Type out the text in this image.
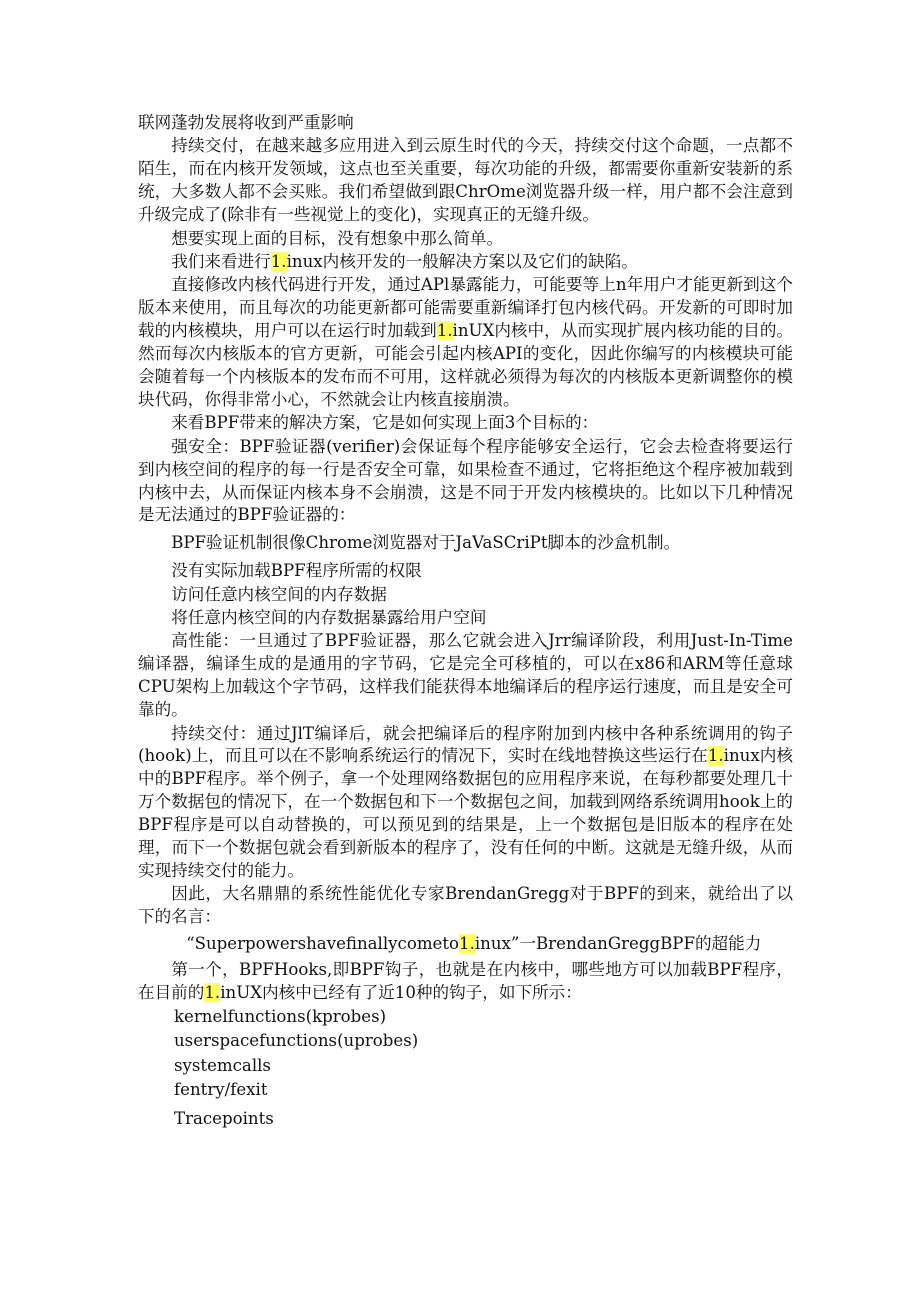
联网蓬勃发展将收到严重影响

持续交付，在越来越多应用进入到云原生时代的今天，持续交付这个命题，一点都不陌生，而在内核开发领域，这点也至关重要，每次功能的升级，都需要你重新安装新的系统，大多数人都不会买账。我们希望做到跟ChrOme浏览器升级一样，用户都不会注意到升级完成了(除非有一些视觉上的变化)，实现真正的无缝升级。

想要实现上面的目标，没有想象中那么简单。

我们来看进行1.inux内核开发的一般解决方案以及它们的缺陷。

直接修改内核代码进行开发，通过APl暴露能力，可能要等上n年用户才能更新到这个版本来使用，而且每次的功能更新都可能需要重新编译打包内核代码。开发新的可即时加载的内核模块，用户可以在运行时加载到1.inUX内核中，从而实现扩展内核功能的目的。然而每次内核版本的官方更新，可能会引起内核API的变化，因此你编写的内核模块可能会随着每一个内核版本的发布而不可用，这样就必须得为每次的内核版本更新调整你的模块代码，你得非常小心，不然就会让内核直接崩溃。

来看BPF带来的解决方案，它是如何实现上面3个目标的：

强安全：BPF验证器(verifier)会保证每个程序能够安全运行，它会去检查将要运行到内核空间的程序的每一行是否安全可靠，如果检查不通过，它将拒绝这个程序被加载到内核中去，从而保证内核本身不会崩溃，这是不同于开发内核模块的。比如以下几种情况是无法通过的BPF验证器的：

BPF验证机制很像Chrome浏览器对于JaVaSCriPt脚本的沙盒机制。

没有实际加载BPF程序所需的权限

访问任意内核空间的内存数据

将任意内核空间的内存数据暴露给用户空间

高性能：一旦通过了BPF验证器，那么它就会进入Jrr编译阶段，利用Just-In-Time编译器，编译生成的是通用的字节码，它是完全可移植的，可以在x86和ARM等任意球CPU架构上加载这个字节码，这样我们能获得本地编译后的程序运行速度，而且是安全可靠的。

持续交付：通过JlT编译后，就会把编译后的程序附加到内核中各种系统调用的钩子(hook)上，而且可以在不影响系统运行的情况下，实时在线地替换这些运行在1.inux内核中的BPF程序。举个例子，拿一个处理网络数据包的应用程序来说，在每秒都要处理几十万个数据包的情况下，在一个数据包和下一个数据包之间，加载到网络系统调用hook上的BPF程序是可以自动替换的，可以预见到的结果是，上一个数据包是旧版本的程序在处理，而下一个数据包就会看到新版本的程序了，没有任何的中断。这就是无缝升级，从而实现持续交付的能力。

因此，大名鼎鼎的系统性能优化专家BrendanGregg对于BPF的到来，就给出了以下的名言：

“Superpowershavefinallycometo1.inux”一BrendanGreggBPF的超能力

第一个，BPFHooks,即BPF钩子，也就是在内核中，哪些地方可以加载BPF程序，在目前的1.inUX内核中已经有了近10种的钩子，如下所示：

kernelfunctions(kprobes)
userspacefunctions(uprobes)
systemcalls
fentry/fexit
Tracepoints
